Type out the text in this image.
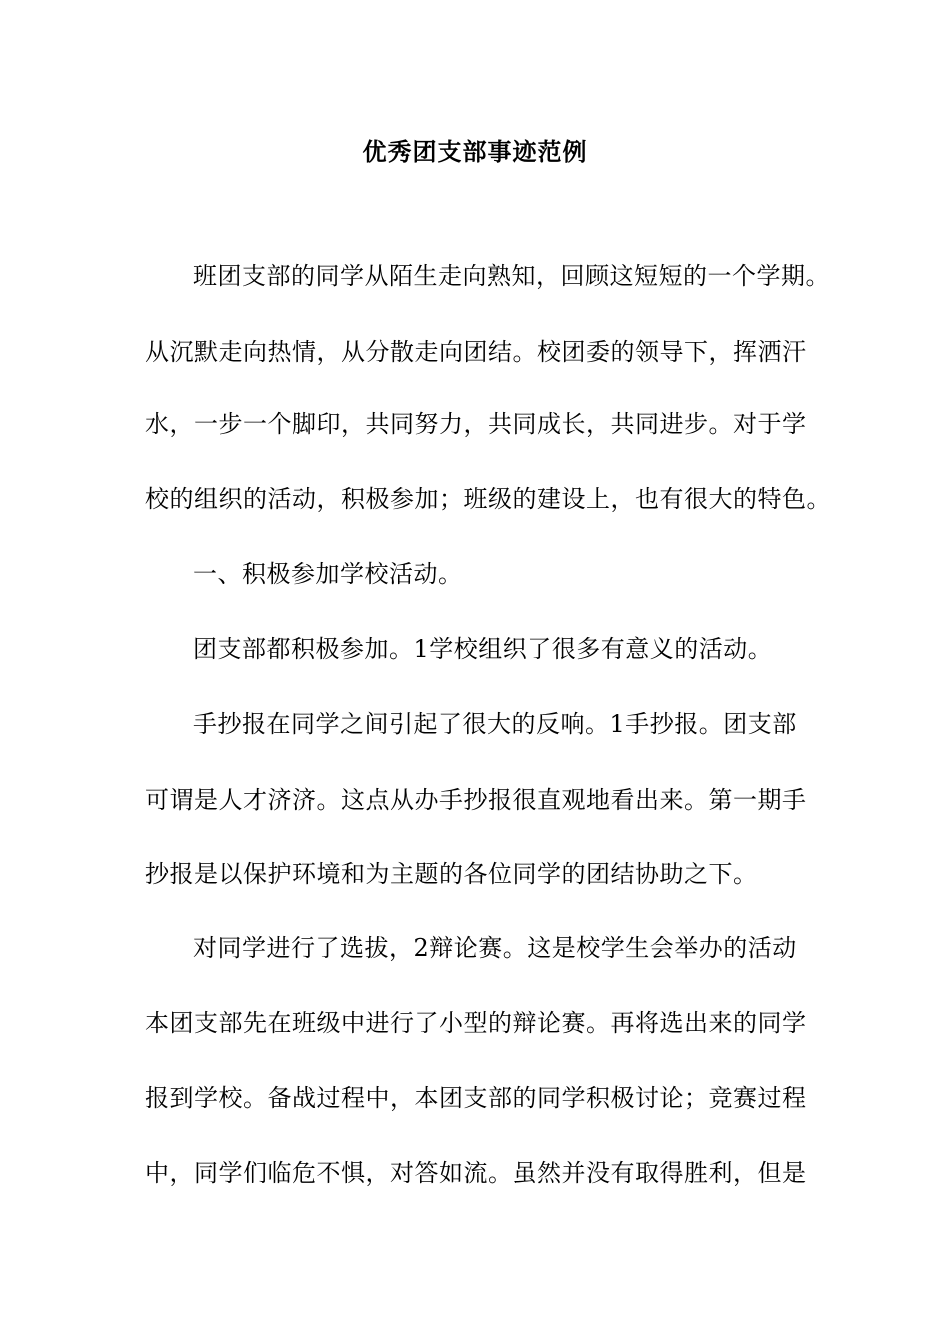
优秀团支部事迹范例
班团支部的同学从陌生走向熟知，回顾这短短的一个学期。
从沉默走向热情，从分散走向团结。校团委的领导下，挥洒汗
水，一步一个脚印，共同努力，共同成长，共同进步。对于学
校的组织的活动，积极参加；班级的建设上，也有很大的特色。
一、积极参加学校活动。
团支部都积极参加。1学校组织了很多有意义的活动。
手抄报在同学之间引起了很大的反响。1手抄报。团支部
可谓是人才济济。这点从办手抄报很直观地看出来。第一期手
抄报是以保护环境和为主题的各位同学的团结协助之下。
对同学进行了选拔，2辩论赛。这是校学生会举办的活动
本团支部先在班级中进行了小型的辩论赛。再将选出来的同学
报到学校。备战过程中，本团支部的同学积极讨论；竞赛过程
中，同学们临危不惧，对答如流。虽然并没有取得胜利，但是
